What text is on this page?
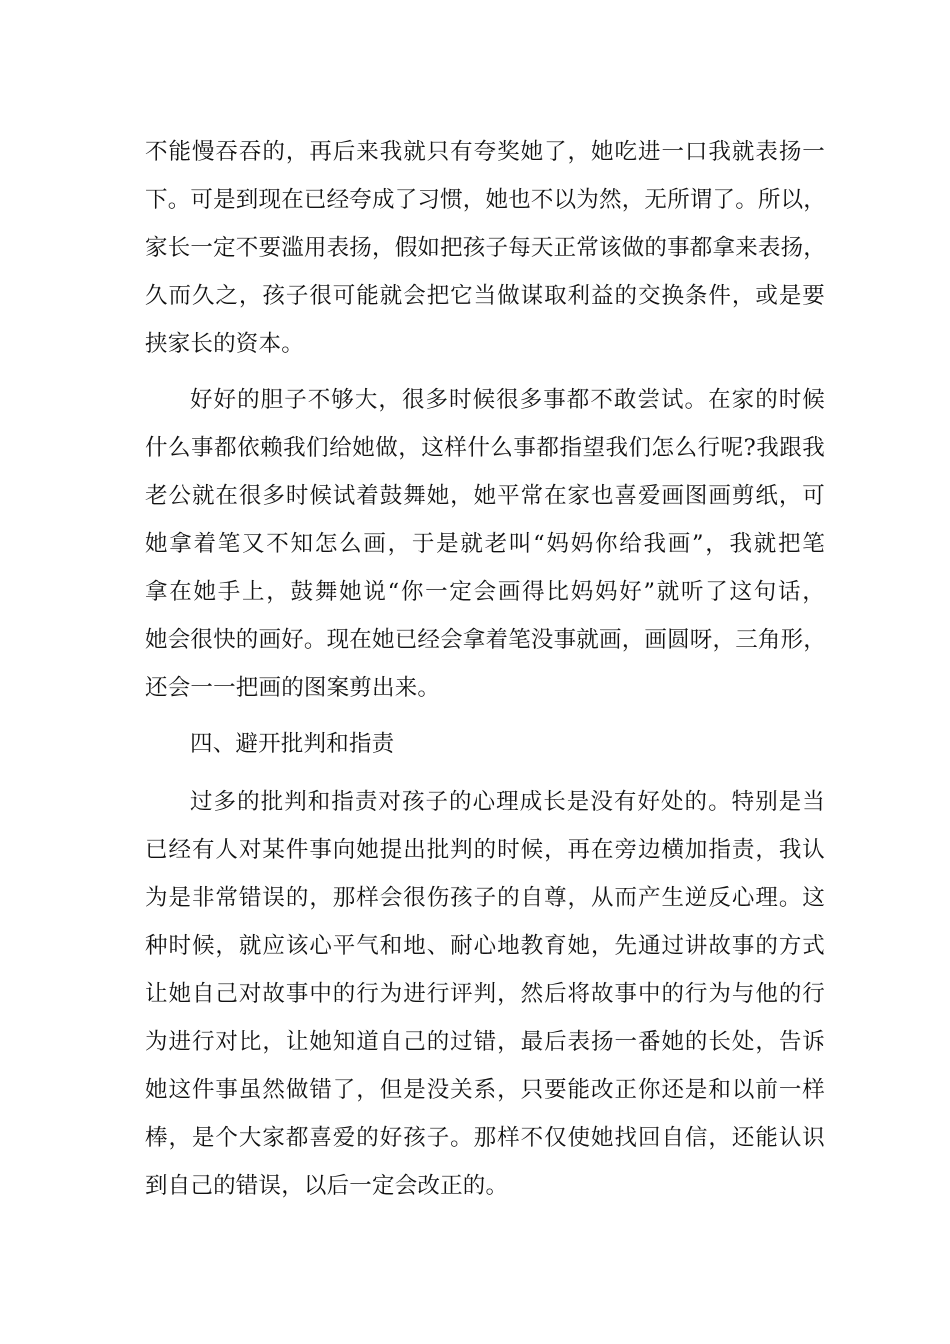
不能慢吞吞的，再后来我就只有夸奖她了，她吃进一口我就表扬一
下。可是到现在已经夸成了习惯，她也不以为然，无所谓了。所以，
家长一定不要滥用表扬，假如把孩子每天正常该做的事都拿来表扬，
久而久之，孩子很可能就会把它当做谋取利益的交换条件，或是要
挟家长的资本。
好好的胆子不够大，很多时候很多事都不敢尝试。在家的时候
什么事都依赖我们给她做，这样什么事都指望我们怎么行呢?我跟我
老公就在很多时候试着鼓舞她，她平常在家也喜爱画图画剪纸，可
她拿着笔又不知怎么画，于是就老叫“妈妈你给我画”，我就把笔
拿在她手上，鼓舞她说“你一定会画得比妈妈好”就听了这句话，
她会很快的画好。现在她已经会拿着笔没事就画，画圆呀，三角形，
还会一一把画的图案剪出来。
四、避开批判和指责
过多的批判和指责对孩子的心理成长是没有好处的。特别是当
已经有人对某件事向她提出批判的时候，再在旁边横加指责，我认
为是非常错误的，那样会很伤孩子的自尊，从而产生逆反心理。这
种时候，就应该心平气和地、耐心地教育她，先通过讲故事的方式
让她自己对故事中的行为进行评判，然后将故事中的行为与他的行
为进行对比，让她知道自己的过错，最后表扬一番她的长处，告诉
她这件事虽然做错了，但是没关系，只要能改正你还是和以前一样
棒，是个大家都喜爱的好孩子。那样不仅使她找回自信，还能认识
到自己的错误，以后一定会改正的。
